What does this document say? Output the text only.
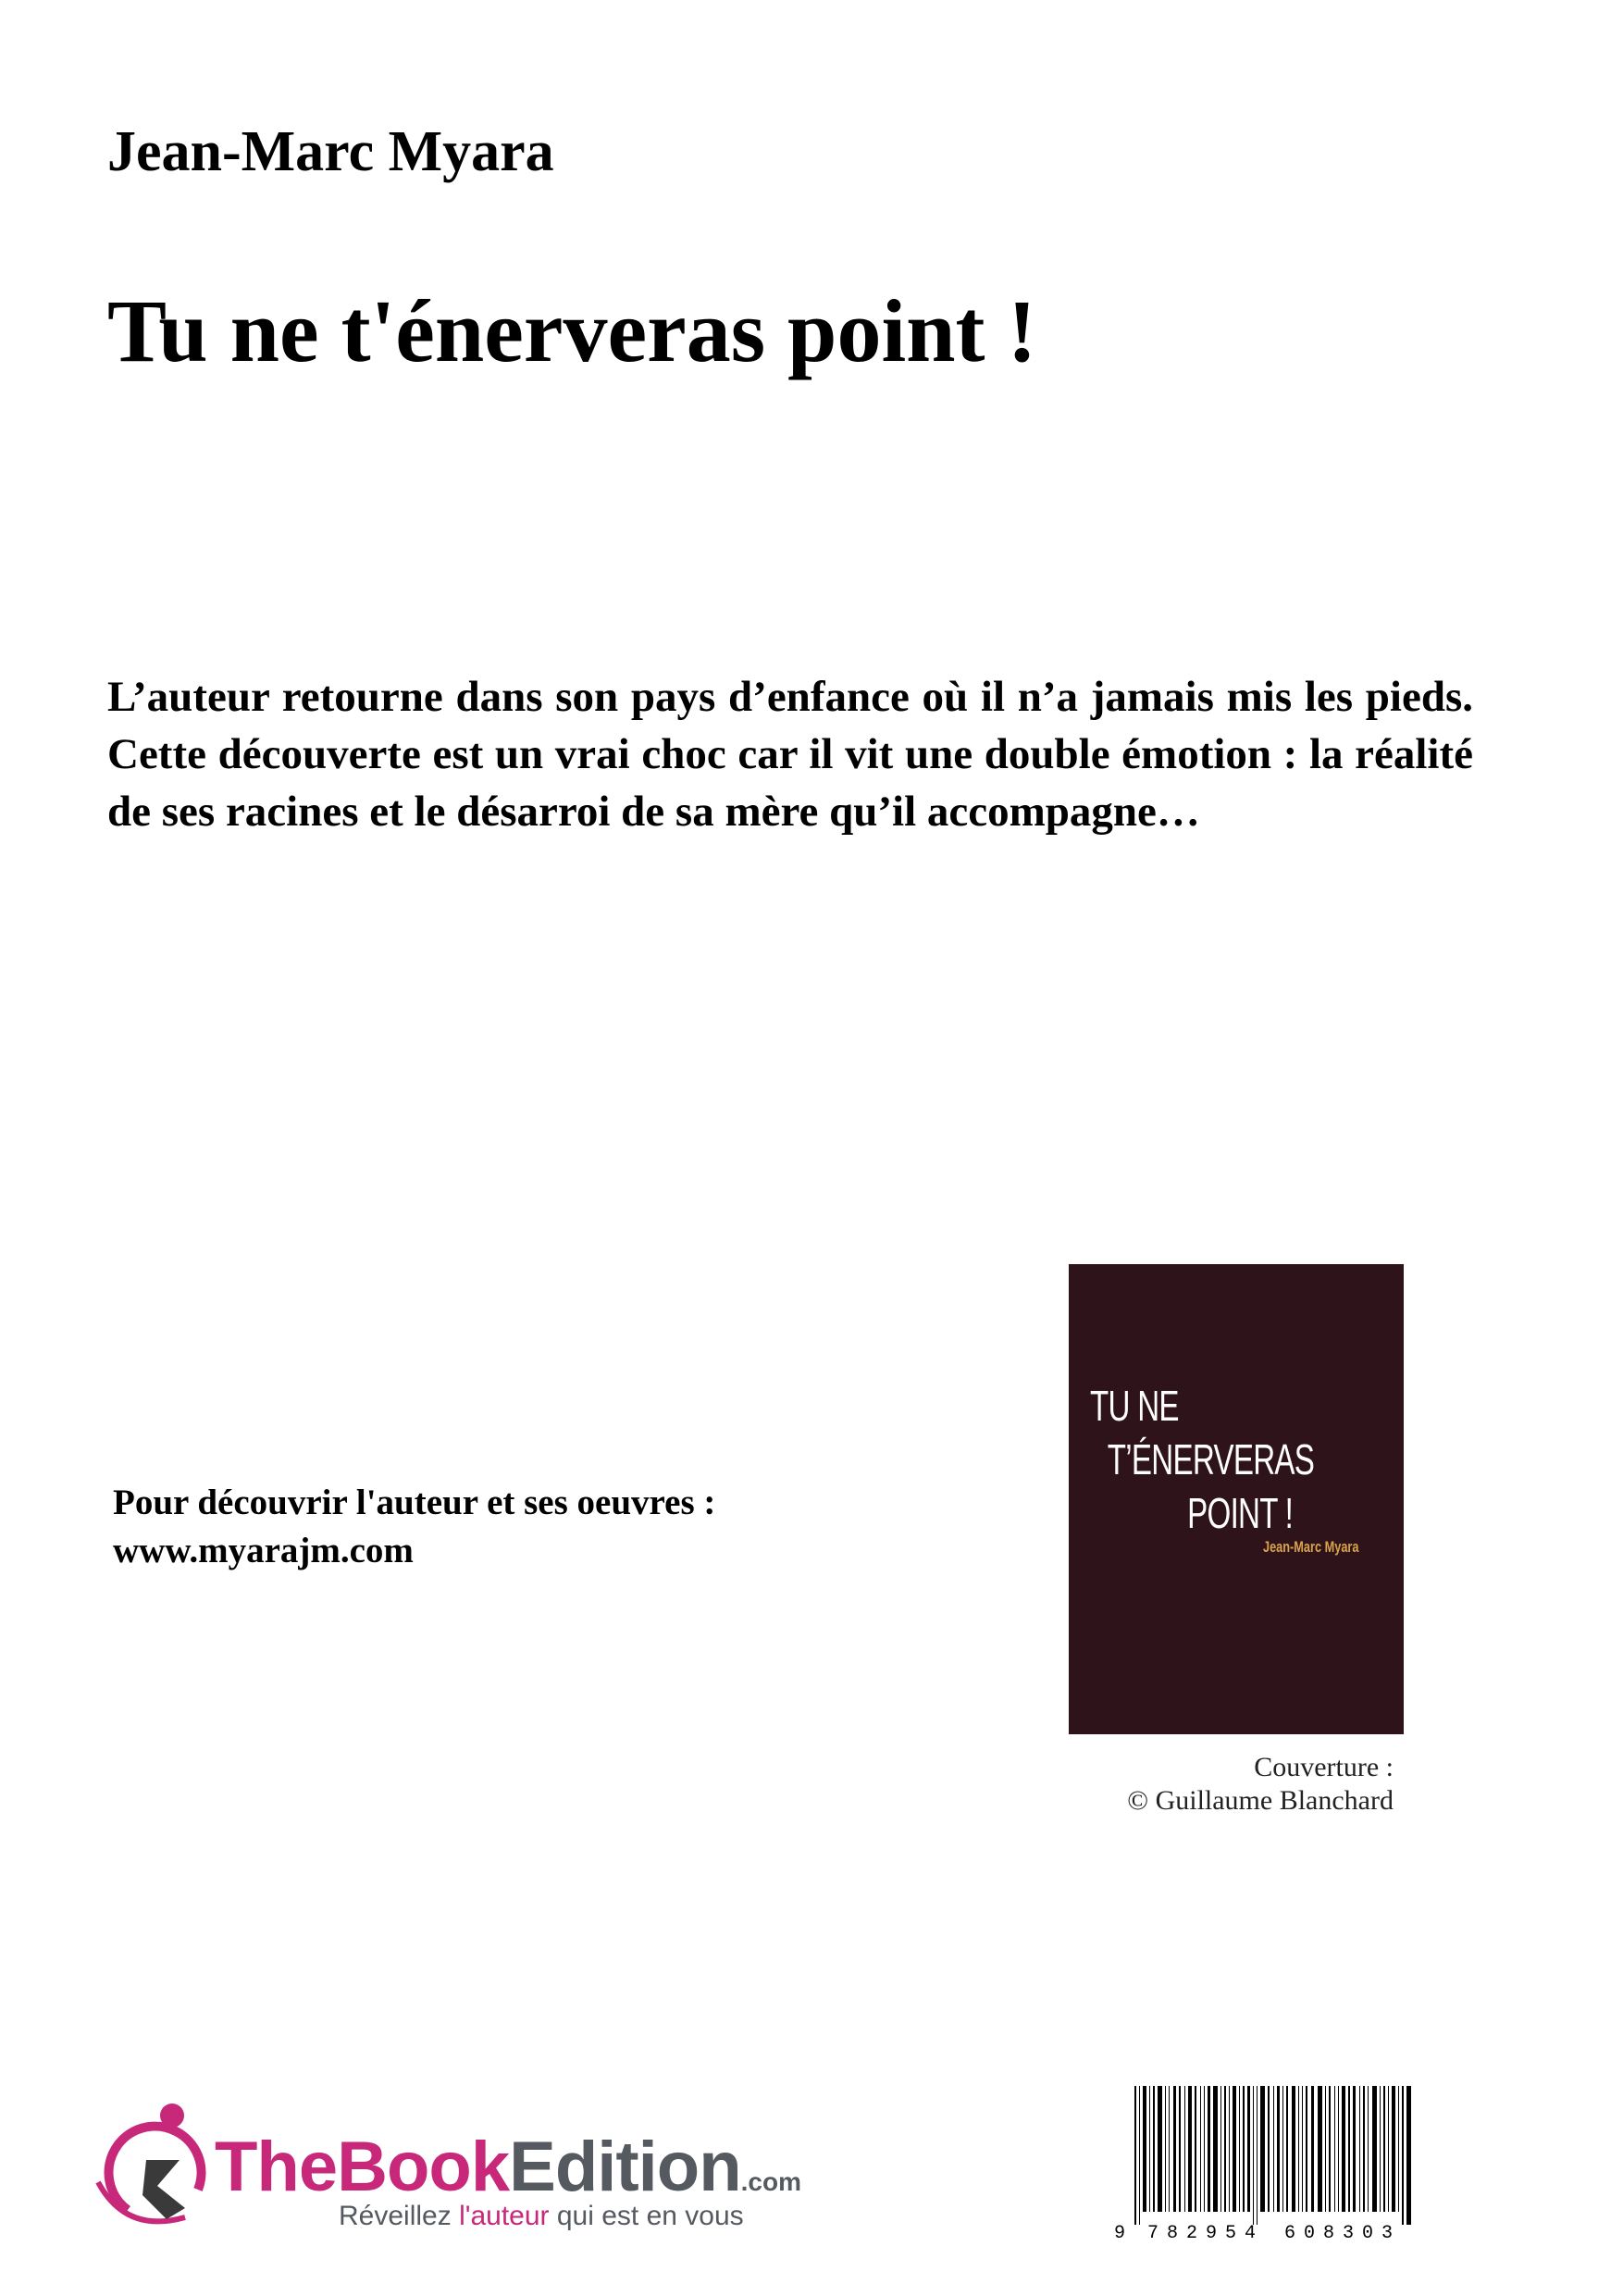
Jean-Marc Myara
Tu ne t'énerveras point !

L’auteur retourne dans son pays d’enfance où il n’a jamais mis les pieds. Cette découverte est un vrai choc car il vit une double émotion : la réalité de ses racines et le désarroi de sa mère qu’il accompagne…

Pour découvrir l'auteur et ses oeuvres :
www.myarajm.com
TU NE
T’ÉNERVERAS
POINT !
Jean-Marc Myara
Couverture :
© Guillaume Blanchard
TheBookEdition.com
Réveillez l'auteur qui est en vous
9 782954 608303
